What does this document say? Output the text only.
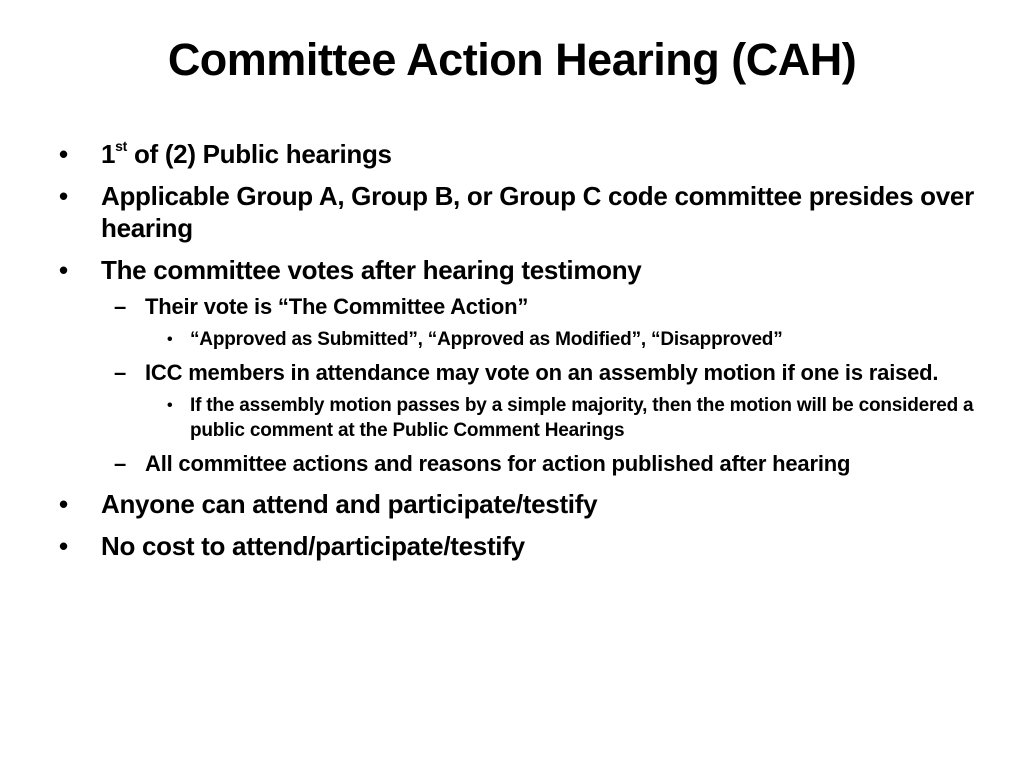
Committee Action Hearing (CAH)
• 1st of (2) Public hearings
• Applicable Group A, Group B, or Group C code committee presides over hearing
• The committee votes after hearing testimony
– Their vote is “The Committee Action”
• “Approved as Submitted”, “Approved as Modified”, “Disapproved”
– ICC members in attendance may vote on an assembly motion if one is raised.
• If the assembly motion passes by a simple majority, then the motion will be considered a public comment at the Public Comment Hearings
– All committee actions and reasons for action published after hearing
• Anyone can attend and participate/testify
• No cost to attend/participate/testify
